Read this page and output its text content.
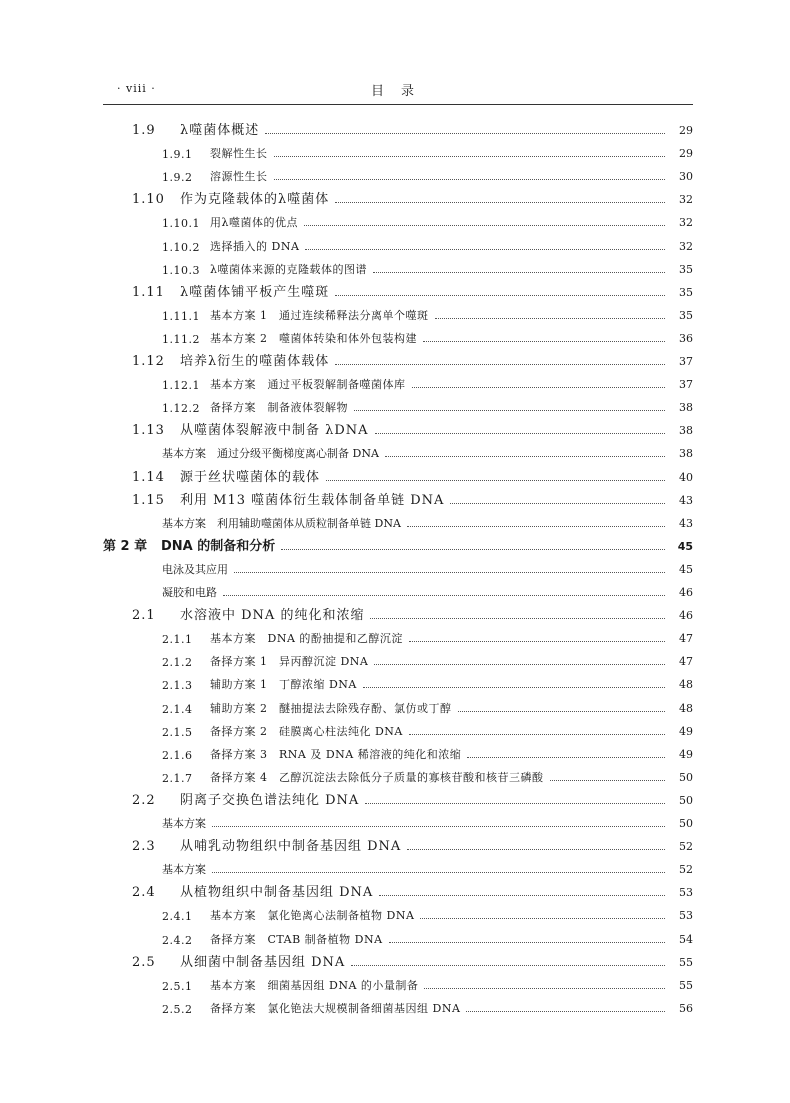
· viii ·	目　录
1.9	λ噬菌体概述	29
1.9.1	裂解性生长	29
1.9.2	溶源性生长	30
1.10	作为克隆载体的λ噬菌体	32
1.10.1 用λ噬菌体的优点	32
1.10.2 选择插入的 DNA	32
1.10.3 λ噬菌体来源的克隆载体的图谱	35
1.11	λ噬菌体铺平板产生噬斑	35
1.11.1 基本方案 1　通过连续稀释法分离单个噬斑	35
1.11.2 基本方案 2　噬菌体转染和体外包装构建	36
1.12	培养λ衍生的噬菌体载体	37
1.12.1 基本方案　通过平板裂解制备噬菌体库	37
1.12.2 备择方案　制备液体裂解物	38
1.13	从噬菌体裂解液中制备 λDNA	38
基本方案　通过分级平衡梯度离心制备 DNA	38
1.14	源于丝状噬菌体的载体	40
1.15	利用 M13 噬菌体衍生载体制备单链 DNA	43
基本方案　利用辅助噬菌体从质粒制备单链 DNA	43
第 2 章	DNA 的制备和分析	45
电泳及其应用	45
凝胶和电路	46
2.1	水溶液中 DNA 的纯化和浓缩	46
2.1.1	基本方案　DNA 的酚抽提和乙醇沉淀	47
2.1.2	备择方案 1　异丙醇沉淀 DNA	47
2.1.3	辅助方案 1　丁醇浓缩 DNA	48
2.1.4	辅助方案 2　醚抽提法去除残存酚、氯仿或丁醇	48
2.1.5	备择方案 2　硅膜离心柱法纯化 DNA	49
2.1.6	备择方案 3　RNA 及 DNA 稀溶液的纯化和浓缩	49
2.1.7	备择方案 4　乙醇沉淀法去除低分子质量的寡核苷酸和核苷三磷酸	50
2.2	阴离子交换色谱法纯化 DNA	50
基本方案	50
2.3	从哺乳动物组织中制备基因组 DNA	52
基本方案	52
2.4	从植物组织中制备基因组 DNA	53
2.4.1	基本方案　氯化铯离心法制备植物 DNA	53
2.4.2	备择方案　CTAB 制备植物 DNA	54
2.5	从细菌中制备基因组 DNA	55
2.5.1	基本方案　细菌基因组 DNA 的小量制备	55
2.5.2	备择方案　氯化铯法大规模制备细菌基因组 DNA	56
